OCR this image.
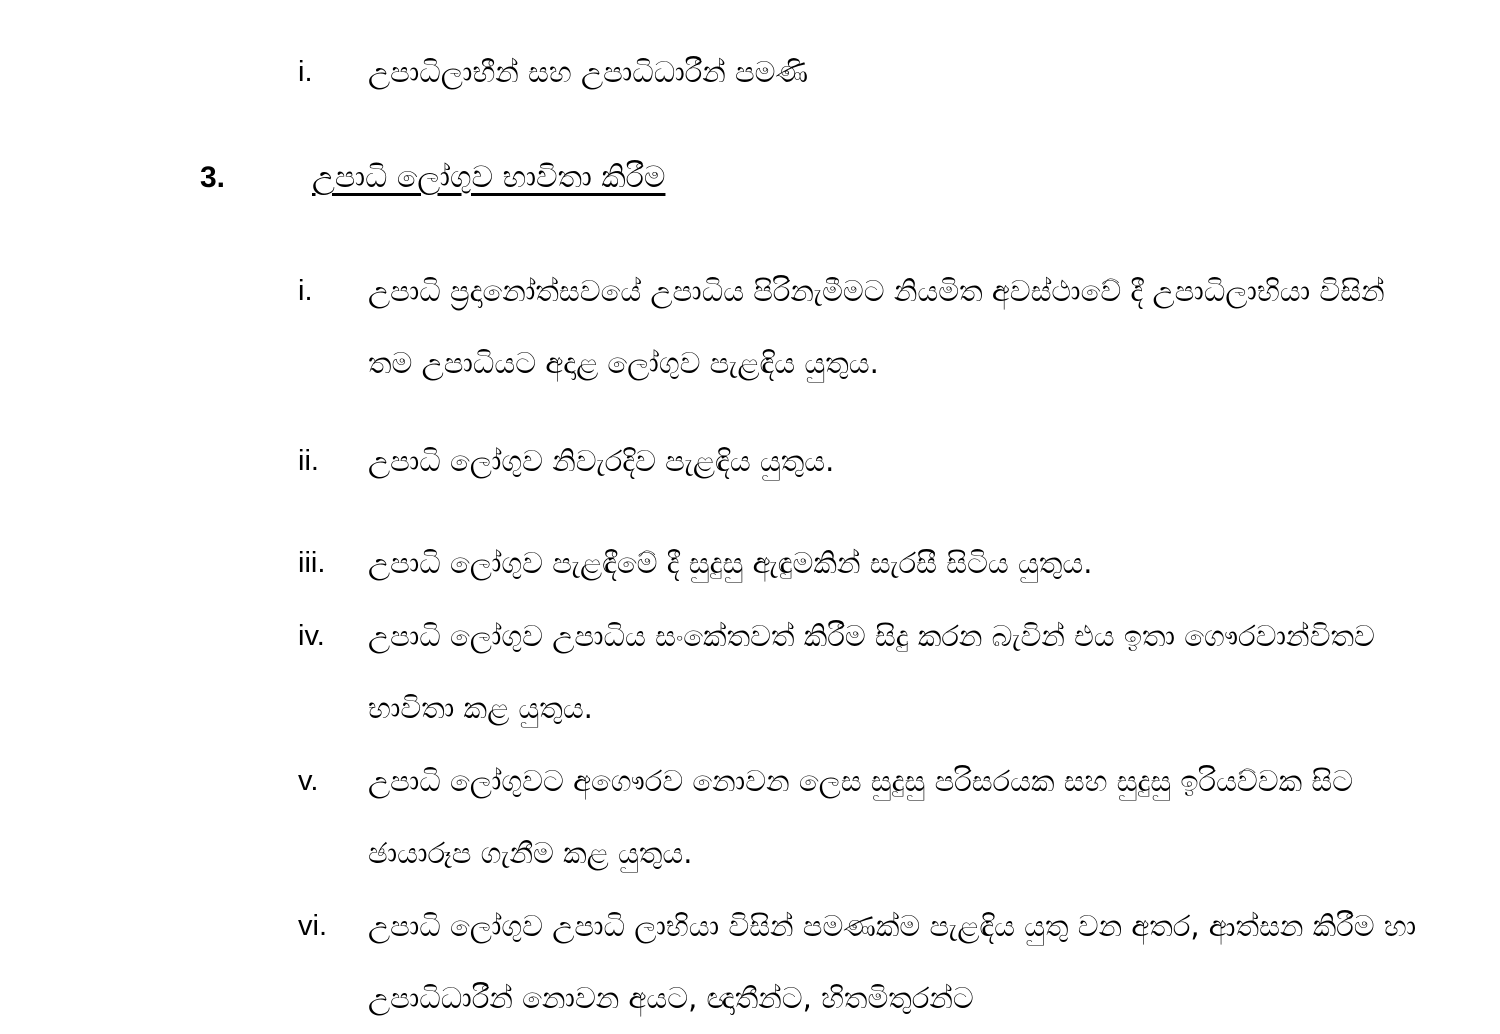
i.	උපාධිලාභීන් සහ උපාධිධාරීන් පමණි
3.	උපාධි ලෝගුව භාවිතා කිරීම
i.	උපාධි ප්‍රදානෝත්සවයේ උපාධිය පිරිනැමීමට නියමිත අවස්ථාවේ දී උපාධිලාභියා විසින් තම උපාධියට අදාළ ලෝගුව පැළඳිය යුතුය.
ii.	උපාධි ලෝගුව නිවැරදිව පැළඳිය යුතුය.
iii.	උපාධි ලෝගුව පැළඳීමේ දී සුදුසු ඇඳුමකින් සැරසී සිටිය යුතුය.
iv.	උපාධි ලෝගුව උපාධිය සංකේතවත් කිරීම සිදු කරන බැවින් එය ඉතා ගෞරවාන්විතව භාවිතා කළ යුතුය.
v.	උපාධි ලෝගුවට අගෞරව නොවන ලෙස සුදුසු පරිසරයක සහ සුදුසු ඉරියව්වක සිට ඡායාරූප ගැනීම කළ යුතුය.
vi.	උපාධි ලෝගුව උපාධි ලාභියා විසින් පමණක්ම පැළඳිය යුතු වන අතර, ආත්සන කිරීම හා උපාධිධාරීන් නොවන අයට, ඥාතීන්ට, හිතමිතුරන්ට
